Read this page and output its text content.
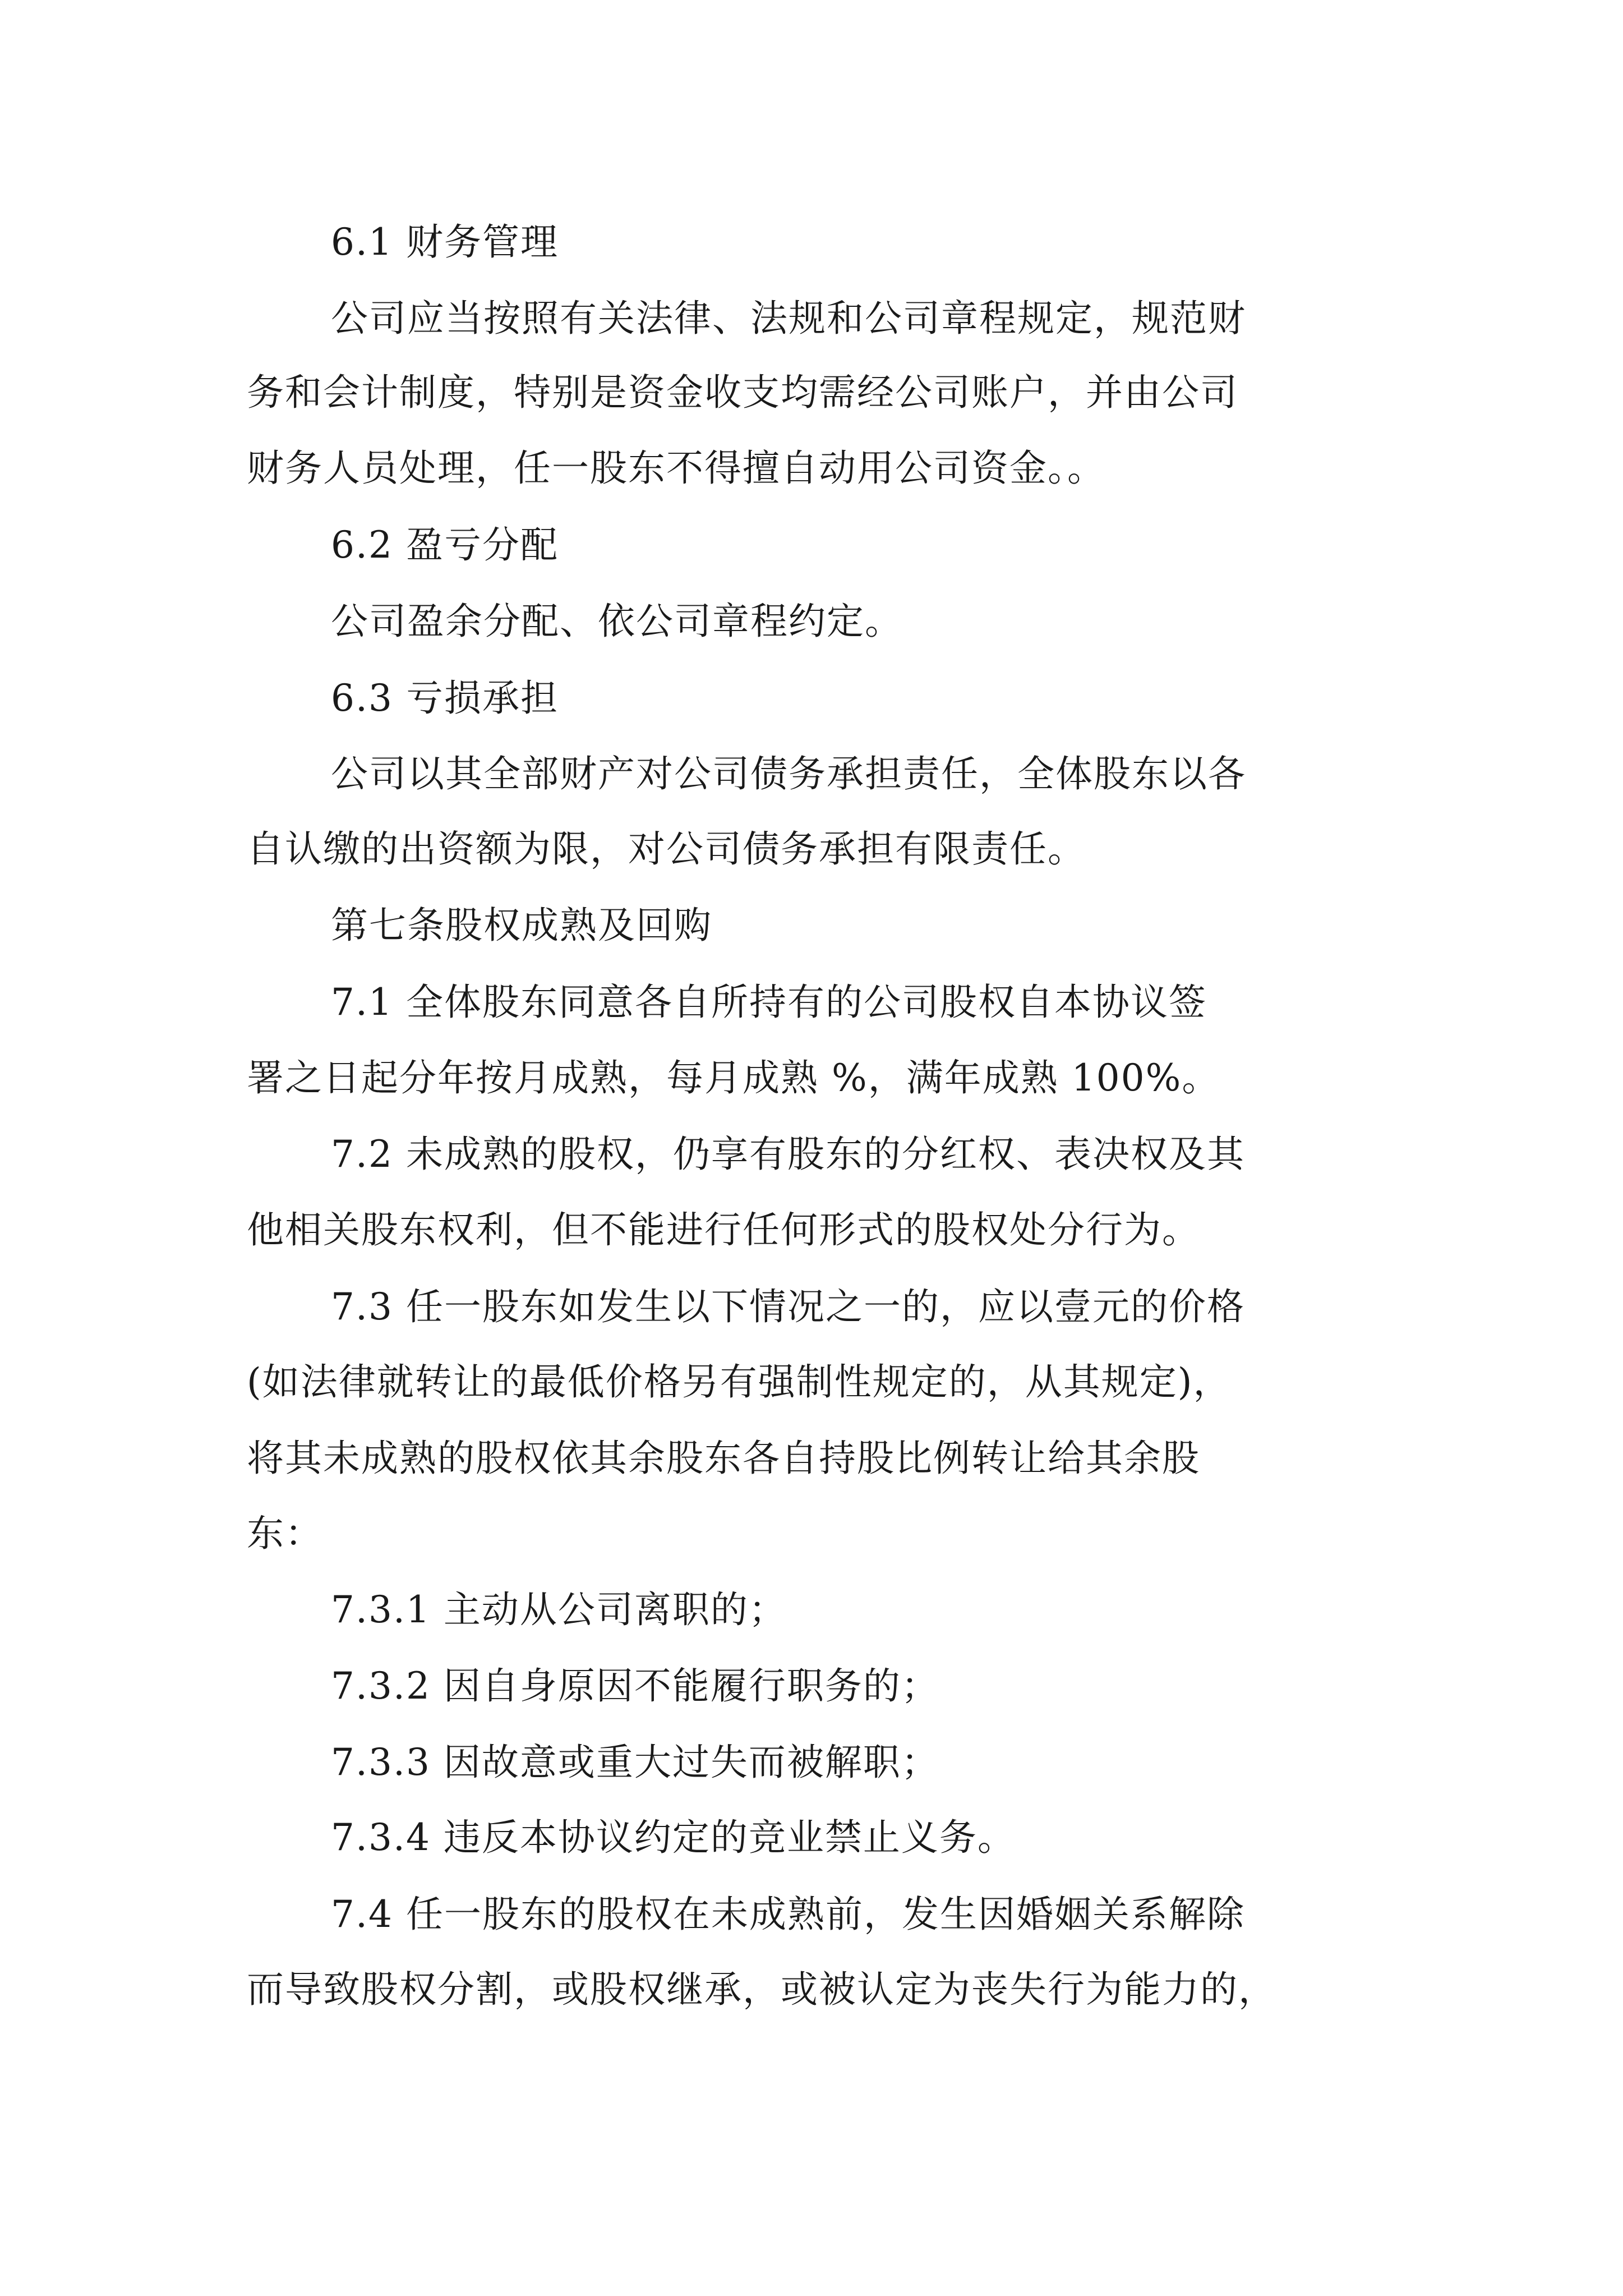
6.1 财务管理
公司应当按照有关法律、法规和公司章程规定，规范财
务和会计制度，特别是资金收支均需经公司账户，并由公司
财务人员处理，任一股东不得擅自动用公司资金。。
6.2 盈亏分配
公司盈余分配、依公司章程约定。
6.3 亏损承担
公司以其全部财产对公司债务承担责任，全体股东以各
自认缴的出资额为限，对公司债务承担有限责任。
第七条股权成熟及回购
7.1 全体股东同意各自所持有的公司股权自本协议签
署之日起分年按月成熟，每月成熟 %，满年成熟 100%。
7.2 未成熟的股权，仍享有股东的分红权、表决权及其
他相关股东权利，但不能进行任何形式的股权处分行为。
7.3 任一股东如发生以下情况之一的，应以壹元的价格
(如法律就转让的最低价格另有强制性规定的，从其规定)，
将其未成熟的股权依其余股东各自持股比例转让给其余股
东：
7.3.1 主动从公司离职的；
7.3.2 因自身原因不能履行职务的；
7.3.3 因故意或重大过失而被解职；
7.3.4 违反本协议约定的竞业禁止义务。
7.4 任一股东的股权在未成熟前，发生因婚姻关系解除
而导致股权分割，或股权继承，或被认定为丧失行为能力的，
